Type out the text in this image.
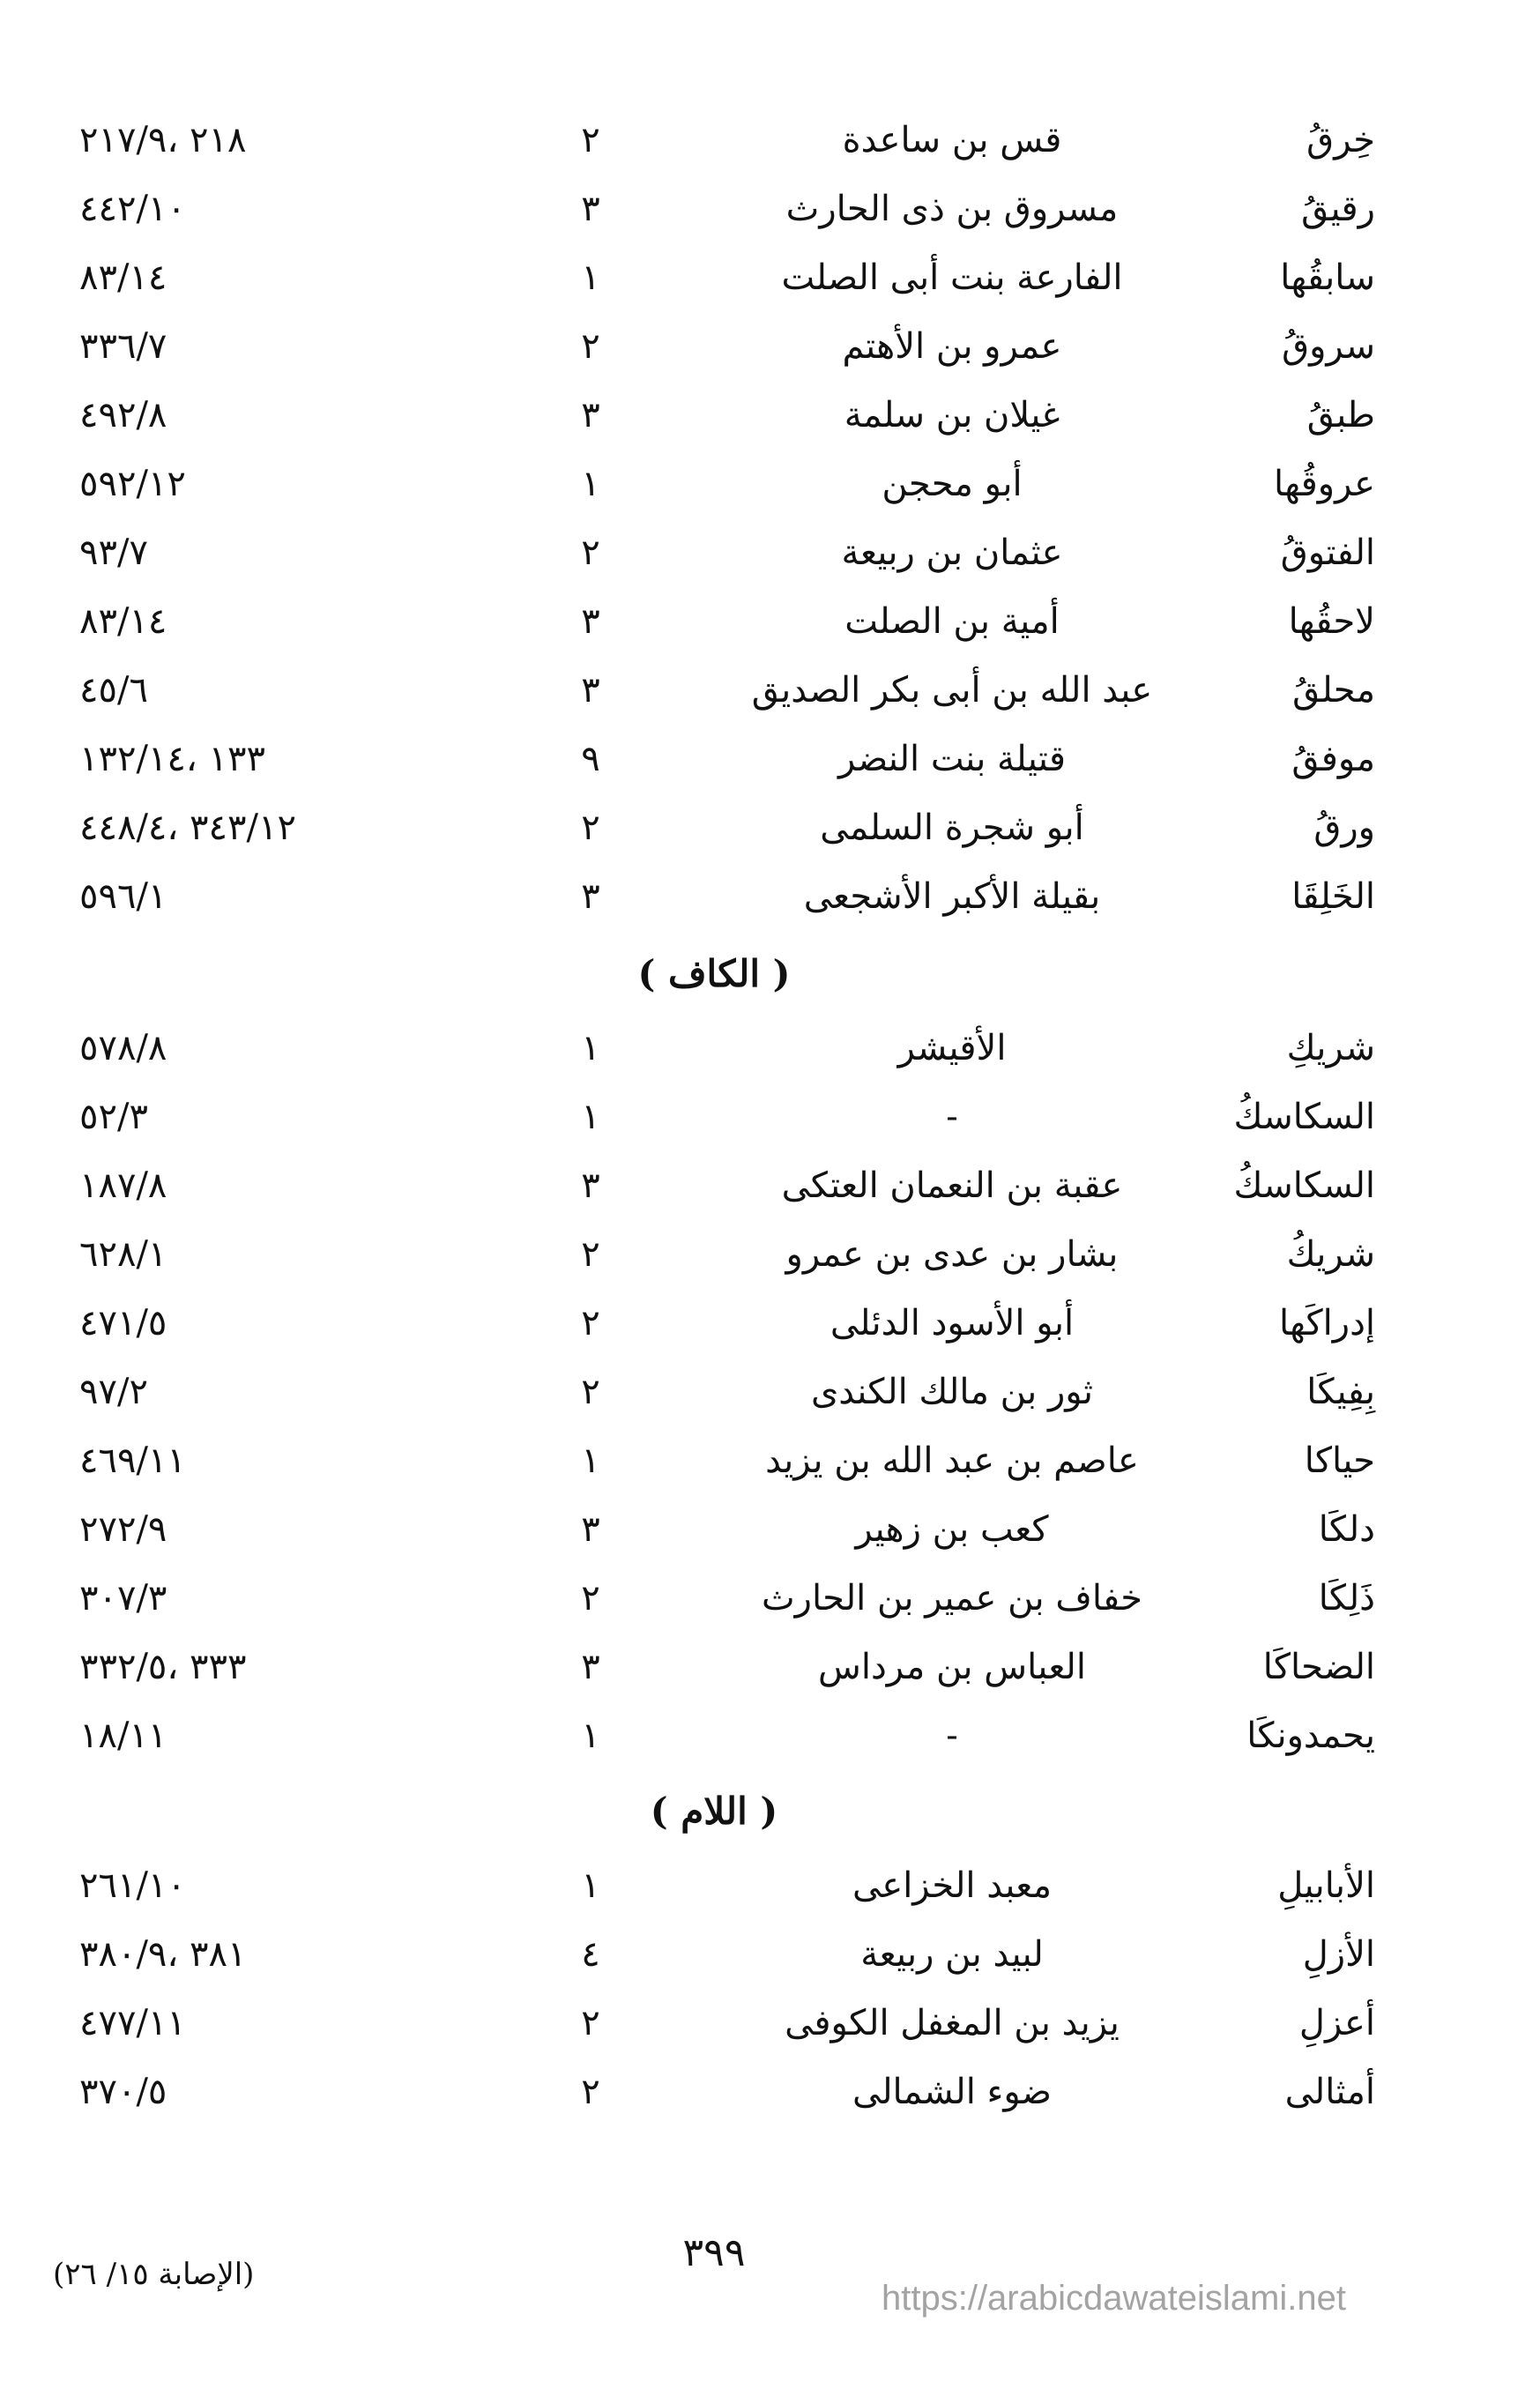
خِرقُ
قس بن ساعدة
٢
٢١٨ ،٢١٧/٩
رقيقُ
مسروق بن ذى الحارث
٣
٤٤٢/١٠
سابقُها
الفارعة بنت أبى الصلت
١
٨٣/١٤
سروقُ
عمرو بن الأهتم
٢
٣٣٦/٧
طبقُ
غيلان بن سلمة
٣
٤٩٢/٨
عروقُها
أبو محجن
١
٥٩٢/١٢
الفتوقُ
عثمان بن ربيعة
٢
٩٣/٧
لاحقُها
أمية بن الصلت
٣
٨٣/١٤
محلقُ
عبد الله بن أبى بكر الصديق
٣
٤٥/٦
موفقُ
قتيلة بنت النضر
٩
١٣٣ ،١٣٢/١٤
ورقُ
أبو شجرة السلمى
٢
٣٤٣/١٢ ،٤٤٨/٤
الخَلِقَا
بقيلة الأكبر الأشجعى
٣
٥٩٦/١
( الكاف )
شريكِ
الأقيشر
١
٥٧٨/٨
السكاسكُ
-
١
٥٢/٣
السكاسكُ
عقبة بن النعمان العتكى
٣
١٨٧/٨
شريكُ
بشار بن عدى بن عمرو
٢
٦٢٨/١
إدراكَها
أبو الأسود الدئلى
٢
٤٧١/٥
بِفِيكَا
ثور بن مالك الكندى
٢
٩٧/٢
حياكا
عاصم بن عبد الله بن يزيد
١
٤٦٩/١١
دلكَا
كعب بن زهير
٣
٢٧٢/٩
ذَلِكَا
خفاف بن عمير بن الحارث
٢
٣٠٧/٣
الضحاكَا
العباس بن مرداس
٣
٣٣٣ ،٣٣٢/٥
يحمدونكَا
-
١
١٨/١١
( اللام )
الأبابيلِ
معبد الخزاعى
١
٢٦١/١٠
الأزلِ
لبيد بن ربيعة
٤
٣٨١ ،٣٨٠/٩
أعزلِ
يزيد بن المغفل الكوفى
٢
٤٧٧/١١
أمثالى
ضوء الشمالى
٢
٣٧٠/٥
٣٩٩
(الإصابة ١٥/ ٢٦)
https://arabicdawateislami.net
